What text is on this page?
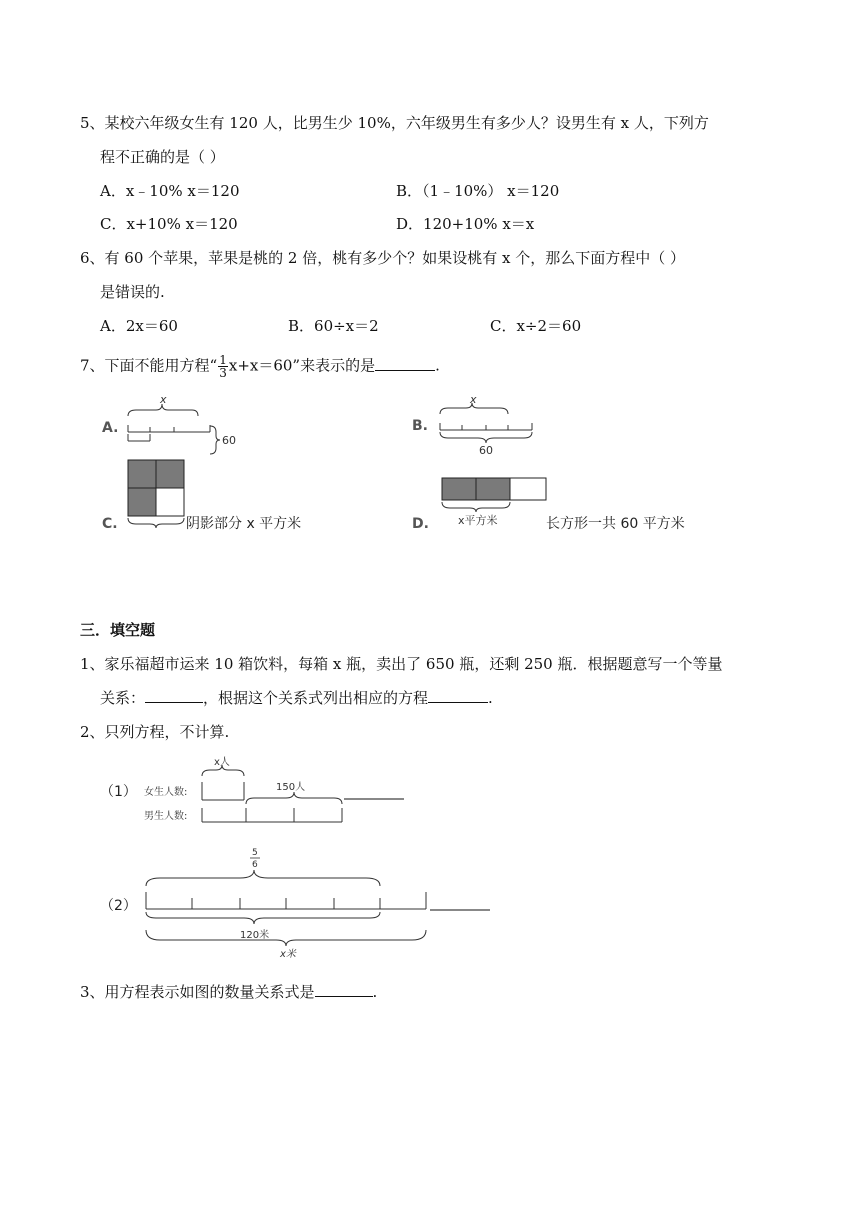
5、某校六年级女生有 120 人，比男生少 10%，六年级男生有多少人？设男生有 x 人，下列方
程不正确的是（ ）
A．x﹣10% x＝120	B．（1﹣10%） x＝120
C．x+10% x＝120	D．120+10% x＝x
6、有 60 个苹果，苹果是桃的 2 倍，桃有多少个？如果设桃有 x 个，那么下面方程中（ ）
是错误的.
A．2x＝60	B．60÷x＝2	C．x÷2＝60
7、下面不能用方程“ $\frac{1}{3} x+x=60$”来表示的是	.
A.
x
60
C.	阴影部分 x 平方米
B.
x
60
D.	x平方米	长方形一共 60 平方米
三．填空题
1、家乐福超市运来 10 箱饮料，每箱 x 瓶，卖出了 650 瓶，还剩 250 瓶．根据题意写一个等量
关系：	，根据这个关系式列出相应的方程	.
2、只列方程，不计算.
（1） 女生人数:
男生人数:
x人
150人
（2）
5
6
120米
x米
3、用方程表示如图的数量关系式是	.
